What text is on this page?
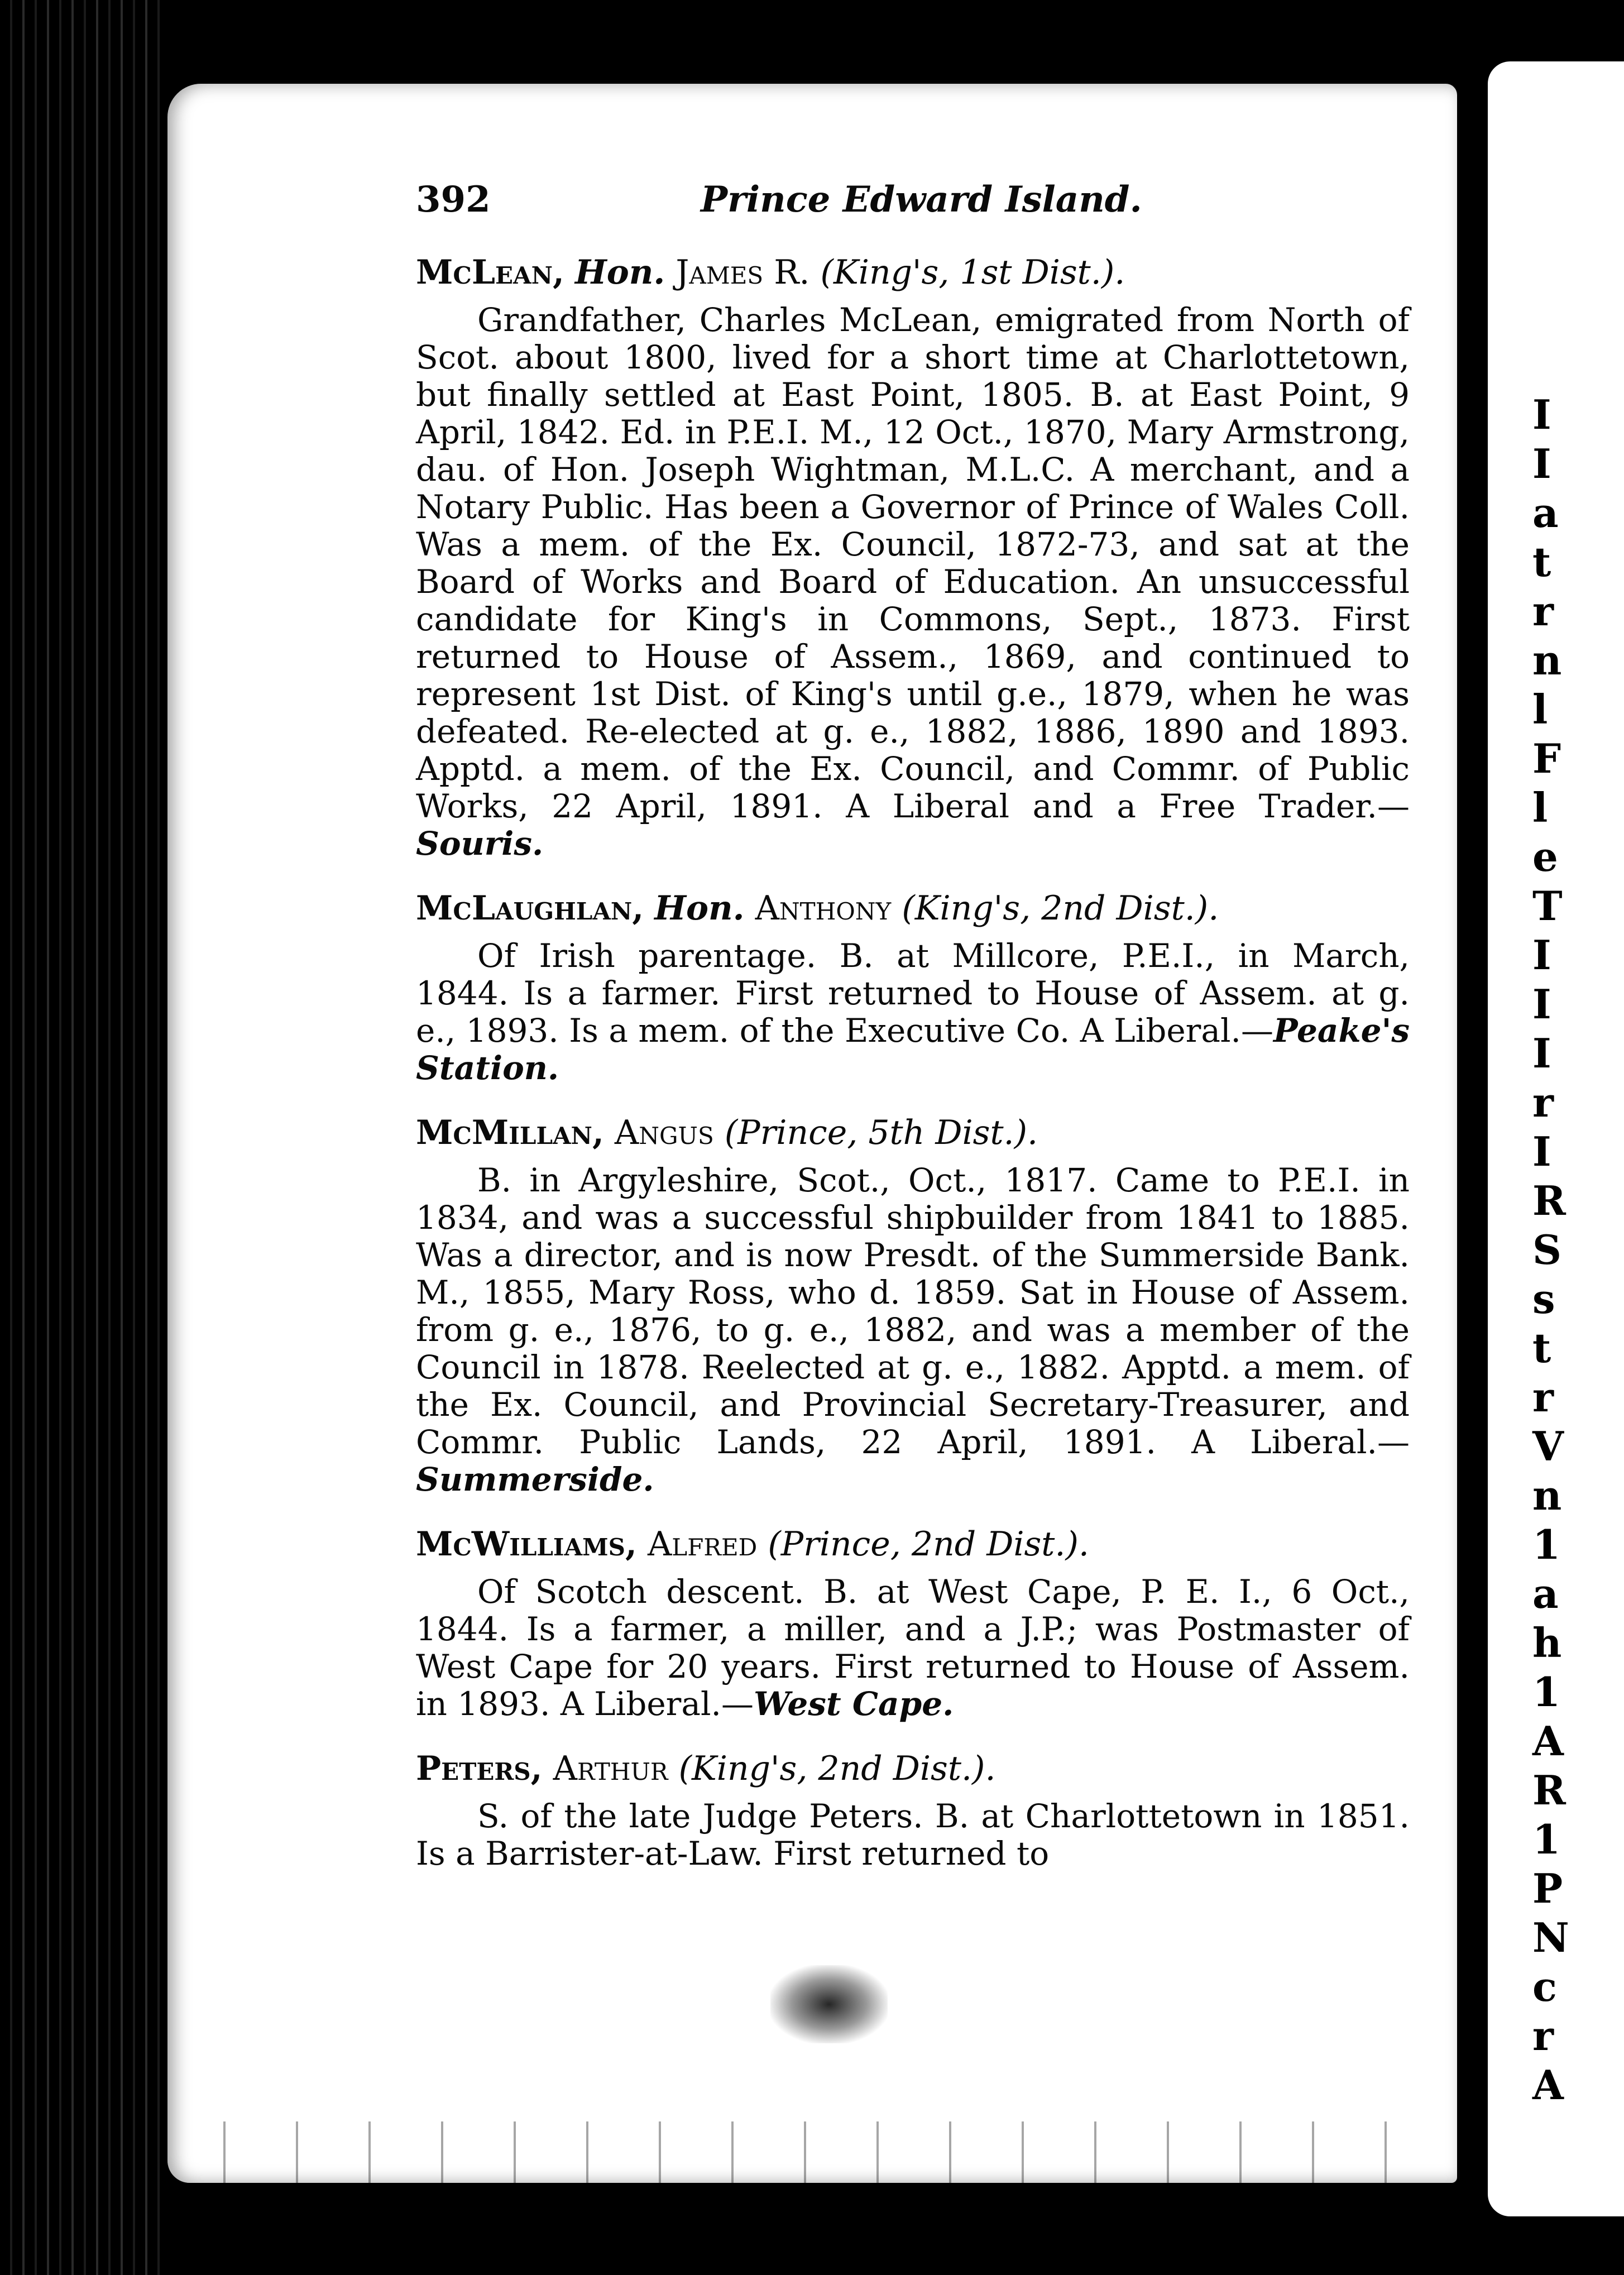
I
I
a
t
r
n
l
F
l
e
T
I
I
I
r
I
R
S
s
t
r
V
n
1
a
h
1
A
R
1
P
N
c
r
A
392	Prince Edward Island.
McLean, Hon. James R. (King's, 1st Dist.).

Grandfather, Charles McLean, emigrated from North of Scot. about 1800, lived for a short time at Charlottetown, but finally settled at East Point, 1805. B. at East Point, 9 April, 1842. Ed. in P.E.I. M., 12 Oct., 1870, Mary Armstrong, dau. of Hon. Joseph Wightman, M.L.C. A merchant, and a Notary Public. Has been a Governor of Prince of Wales Coll. Was a mem. of the Ex. Council, 1872-73, and sat at the Board of Works and Board of Education. An unsuccessful candidate for King's in Commons, Sept., 1873. First returned to House of Assem., 1869, and continued to represent 1st Dist. of King's until g.e., 1879, when he was defeated. Re-elected at g. e., 1882, 1886, 1890 and 1893. Apptd. a mem. of the Ex. Council, and Commr. of Public Works, 22 April, 1891. A Liberal and a Free Trader.—Souris.

McLaughlan, Hon. Anthony (King's, 2nd Dist.).

Of Irish parentage. B. at Millcore, P.E.I., in March, 1844. Is a farmer. First returned to House of Assem. at g. e., 1893. Is a mem. of the Executive Co. A Liberal.—Peake's Station.

McMillan, Angus (Prince, 5th Dist.).

B. in Argyleshire, Scot., Oct., 1817. Came to P.E.I. in 1834, and was a successful shipbuilder from 1841 to 1885. Was a director, and is now Presdt. of the Summerside Bank. M., 1855, Mary Ross, who d. 1859. Sat in House of Assem. from g. e., 1876, to g. e., 1882, and was a member of the Council in 1878. Reelected at g. e., 1882. Apptd. a mem. of the Ex. Council, and Provincial Secretary-Treasurer, and Commr. Public Lands, 22 April, 1891. A Liberal.—Summerside.

McWilliams, Alfred (Prince, 2nd Dist.).

Of Scotch descent. B. at West Cape, P. E. I., 6 Oct., 1844. Is a farmer, a miller, and a J.P.; was Postmaster of West Cape for 20 years. First returned to House of Assem. in 1893. A Liberal.—West Cape.

Peters, Arthur (King's, 2nd Dist.).

S. of the late Judge Peters. B. at Charlottetown in 1851. Is a Barrister-at-Law. First returned to
